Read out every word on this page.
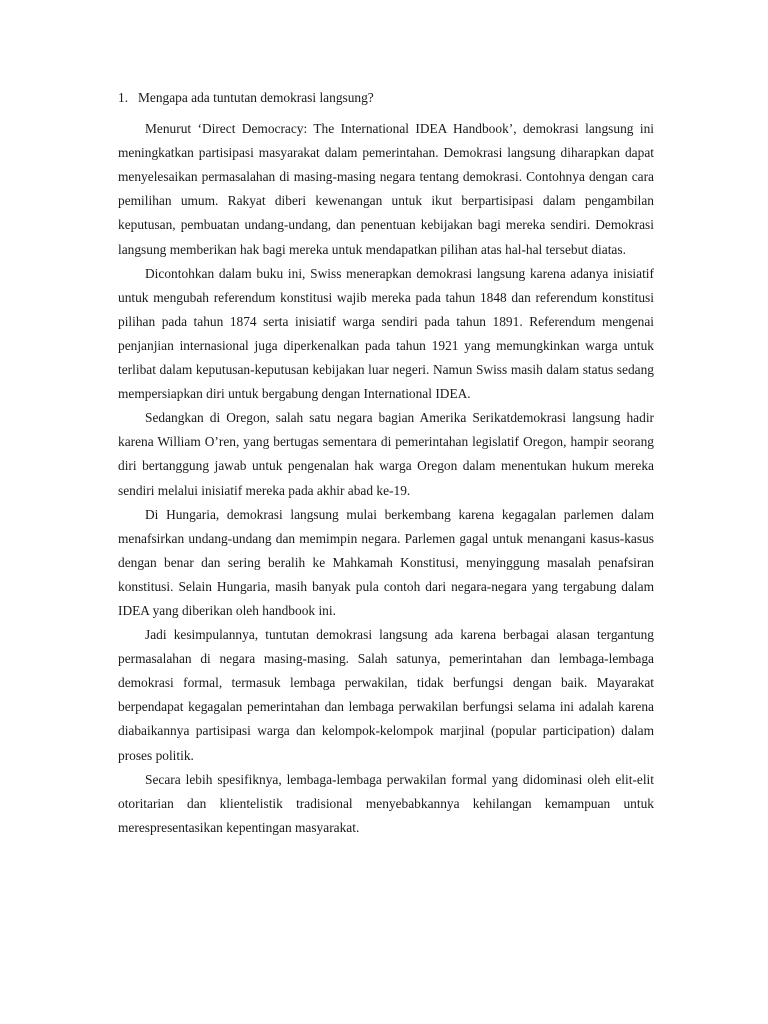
1. Mengapa ada tuntutan demokrasi langsung?

Menurut ‘Direct Democracy: The International IDEA Handbook’, demokrasi langsung ini meningkatkan partisipasi masyarakat dalam pemerintahan. Demokrasi langsung diharapkan dapat menyelesaikan permasalahan di masing-masing negara tentang demokrasi. Contohnya dengan cara pemilihan umum. Rakyat diberi kewenangan untuk ikut berpartisipasi dalam pengambilan keputusan, pembuatan undang-undang, dan penentuan kebijakan bagi mereka sendiri. Demokrasi langsung memberikan hak bagi mereka untuk mendapatkan pilihan atas hal-hal tersebut diatas.

Dicontohkan dalam buku ini, Swiss menerapkan demokrasi langsung karena adanya inisiatif untuk mengubah referendum konstitusi wajib mereka pada tahun 1848 dan referendum konstitusi pilihan pada tahun 1874 serta inisiatif warga sendiri pada tahun 1891. Referendum mengenai penjanjian internasional juga diperkenalkan pada tahun 1921 yang memungkinkan warga untuk terlibat dalam keputusan-keputusan kebijakan luar negeri. Namun Swiss masih dalam status sedang mempersiapkan diri untuk bergabung dengan International IDEA.

Sedangkan di Oregon, salah satu negara bagian Amerika Serikatdemokrasi langsung hadir karena William O’ren, yang bertugas sementara di pemerintahan legislatif Oregon, hampir seorang diri bertanggung jawab untuk pengenalan hak warga Oregon dalam menentukan hukum mereka sendiri melalui inisiatif mereka pada akhir abad ke-19.

Di Hungaria, demokrasi langsung mulai berkembang karena kegagalan parlemen dalam menafsirkan undang-undang dan memimpin negara. Parlemen gagal untuk menangani kasus-kasus dengan benar dan sering beralih ke Mahkamah Konstitusi, menyinggung masalah penafsiran konstitusi. Selain Hungaria, masih banyak pula contoh dari negara-negara yang tergabung dalam IDEA yang diberikan oleh handbook ini.

Jadi kesimpulannya, tuntutan demokrasi langsung ada karena berbagai alasan tergantung permasalahan di negara masing-masing. Salah satunya, pemerintahan dan lembaga-lembaga demokrasi formal, termasuk lembaga perwakilan, tidak berfungsi dengan baik. Mayarakat berpendapat kegagalan pemerintahan dan lembaga perwakilan berfungsi selama ini adalah karena diabaikannya partisipasi warga dan kelompok-kelompok marjinal (popular participation) dalam proses politik.

Secara lebih spesifiknya, lembaga-lembaga perwakilan formal yang didominasi oleh elit-elit otoritarian dan klientelistik tradisional menyebabkannya kehilangan kemampuan untuk merespresentasikan kepentingan masyarakat.
